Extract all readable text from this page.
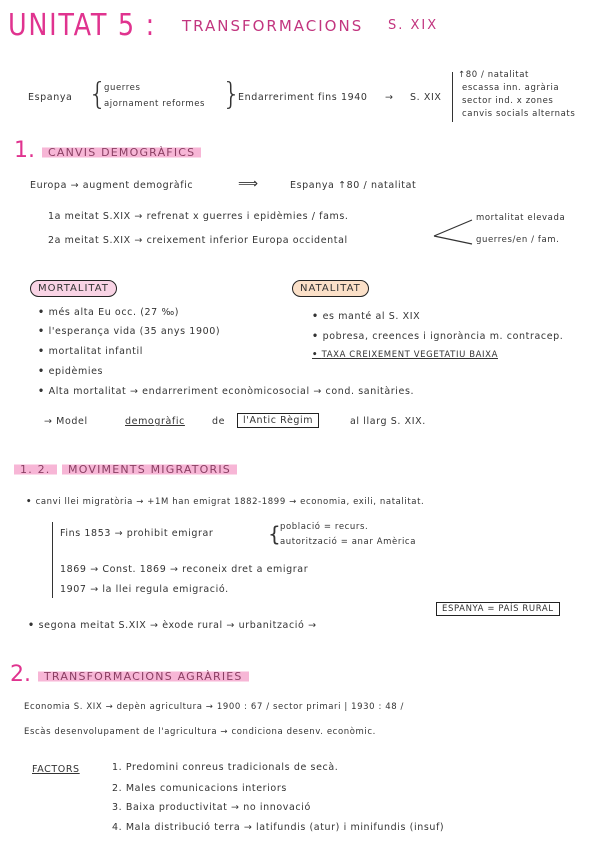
UNITAT 5 : TRANSFORMACIONS S. XIX
Espanya {
guerres
ajornament reformes }
Endarreriment fins 1940 → S. XIX
↑80 / natalitat
escassa inn. agrària
sector ind. x zones
canvis socials alternats
1.	CANVIS DEMOGRÀFICS
Europa → augment demogràfic	⟹	Espanya ↑80 / natalitat
1a meitat S.XIX → refrenat x guerres i epidèmies / fams.
2a meitat S.XIX → creixement inferior Europa occidental
mortalitat elevada
guerres/en / fam.
MORTALITAT
• més alta Eu occ. (27 ‰)
• l'esperança vida (35 anys 1900)
• mortalitat infantil
• epidèmies
• Alta mortalitat → endarreriment econòmicosocial → cond. sanitàries.
NATALITAT
• es manté al S. XIX
• pobresa, creences i ignorància m. contracep.
• TAXA CREIXEMENT VEGETATIU BAIXA
→ Model	demogràfic	de	l'Antic Règim	al llarg S. XIX.
1. 2.	MOVIMENTS MIGRATORIS
• canvi llei migratòria → +1M han emigrat 1882-1899 → economia, exili, natalitat.
Fins 1853 → prohibit emigrar	{
població = recurs.
autorització = anar Amèrica
1869 → Const. 1869 → reconeix dret a emigrar
1907 → la llei regula emigració.
• segona meitat S.XIX → èxode rural → urbanització →
ESPANYA = PAÍS RURAL
2.	TRANSFORMACIONS AGRÀRIES
Economia S. XIX → depèn agricultura → 1900 : 67 / sector primari | 1930 : 48 /
Escàs desenvolupament de l'agricultura → condiciona desenv. econòmic.
FACTORS	1. Predomini conreus tradicionals de secà.
2. Males comunicacions interiors
3. Baixa productivitat → no innovació
4. Mala distribució terra → latifundis (atur) i minifundis (insuf)
